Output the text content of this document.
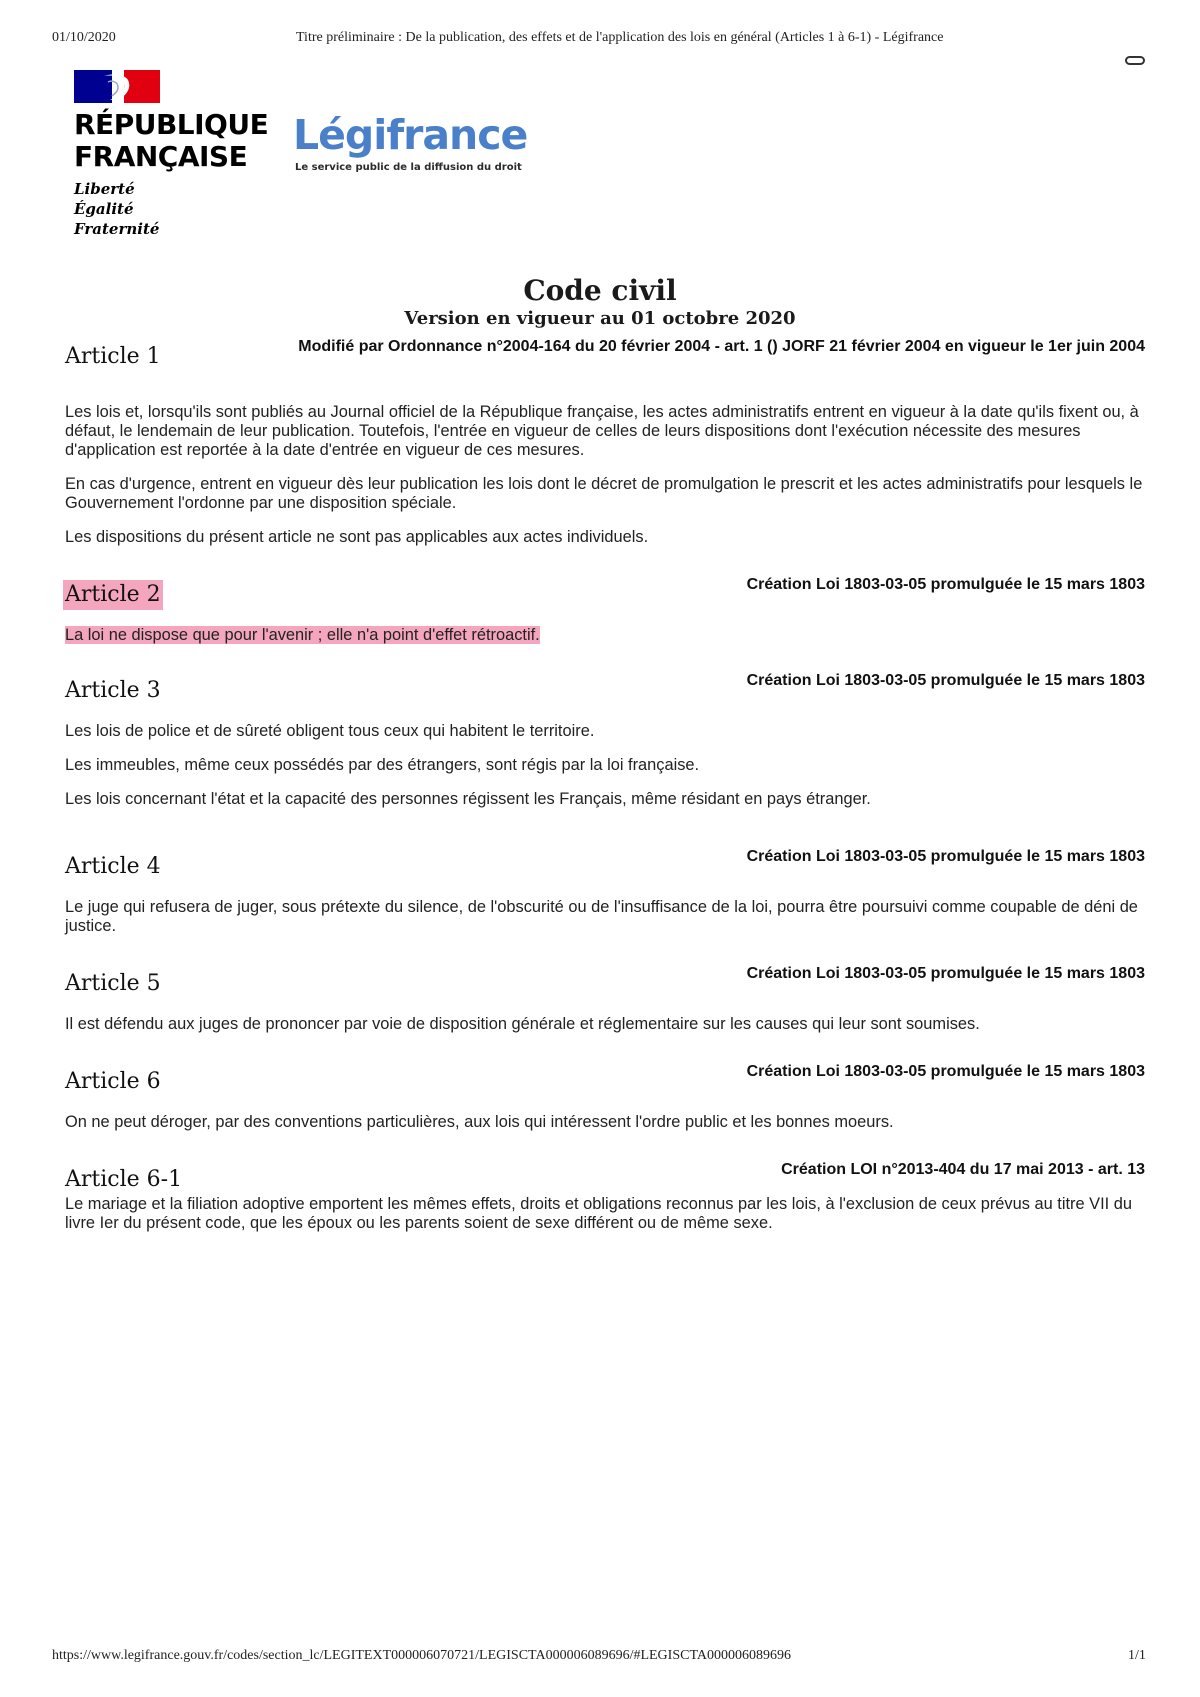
01/10/2020	Titre préliminaire : De la publication, des effets et de l'application des lois en général (Articles 1 à 6-1) - Légifrance
RÉPUBLIQUE
FRANÇAISE
Liberté
Égalité
Fraternité
Légifrance
Le service public de la diffusion du droit
Code civil
Version en vigueur au 01 octobre 2020
Article 1	Modifié par Ordonnance n°2004-164 du 20 février 2004 - art. 1 () JORF 21 février 2004 en vigueur le 1er juin 2004

Les lois et, lorsqu'ils sont publiés au Journal officiel de la République française, les actes administratifs entrent en vigueur à la date qu'ils fixent ou, à défaut, le lendemain de leur publication. Toutefois, l'entrée en vigueur de celles de leurs dispositions dont l'exécution nécessite des mesures d'application est reportée à la date d'entrée en vigueur de ces mesures.

En cas d'urgence, entrent en vigueur dès leur publication les lois dont le décret de promulgation le prescrit et les actes administratifs pour lesquels le Gouvernement l'ordonne par une disposition spéciale.

Les dispositions du présent article ne sont pas applicables aux actes individuels.

Article 2	Création Loi 1803-03-05 promulguée le 15 mars 1803

La loi ne dispose que pour l'avenir ; elle n'a point d'effet rétroactif.

Article 3	Création Loi 1803-03-05 promulguée le 15 mars 1803

Les lois de police et de sûreté obligent tous ceux qui habitent le territoire.

Les immeubles, même ceux possédés par des étrangers, sont régis par la loi française.

Les lois concernant l'état et la capacité des personnes régissent les Français, même résidant en pays étranger.

Article 4	Création Loi 1803-03-05 promulguée le 15 mars 1803

Le juge qui refusera de juger, sous prétexte du silence, de l'obscurité ou de l'insuffisance de la loi, pourra être poursuivi comme coupable de déni de justice.

Article 5	Création Loi 1803-03-05 promulguée le 15 mars 1803

Il est défendu aux juges de prononcer par voie de disposition générale et réglementaire sur les causes qui leur sont soumises.

Article 6	Création Loi 1803-03-05 promulguée le 15 mars 1803

On ne peut déroger, par des conventions particulières, aux lois qui intéressent l'ordre public et les bonnes moeurs.

Article 6-1	Création LOI n°2013-404 du 17 mai 2013 - art. 13

Le mariage et la filiation adoptive emportent les mêmes effets, droits et obligations reconnus par les lois, à l'exclusion de ceux prévus au titre VII du livre Ier du présent code, que les époux ou les parents soient de sexe différent ou de même sexe.

https://www.legifrance.gouv.fr/codes/section_lc/LEGITEXT000006070721/LEGISCTA000006089696/#LEGISCTA000006089696	1/1
